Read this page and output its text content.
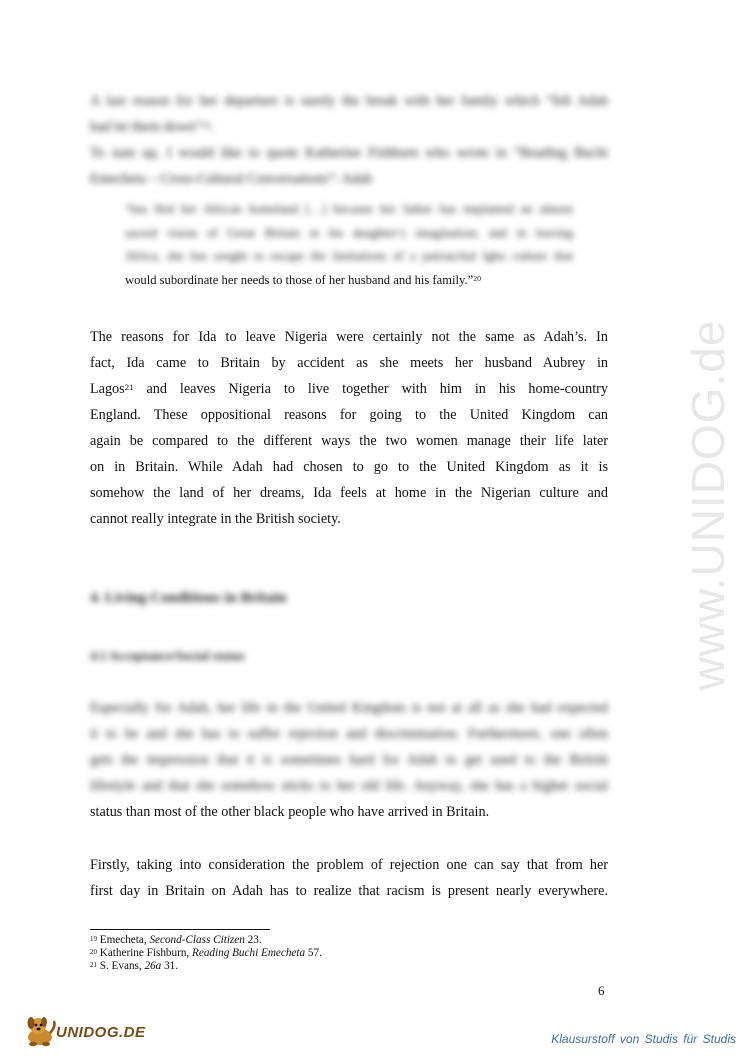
www.UNIDOG.de
A last reason for her departure is surely the break with her family which “felt Adah
had let them down”$^{19}$.
To sum up, I would like to quote Katherine Fishburn who wrote in “Reading Buchi
Emecheta – Cross-Cultural Conversations”: Adah
“has fled her African homeland […] because her father has implanted an almost
sacred vision of Great Britain in his daughter’s imagination; and in leaving
Africa, she has sought to escape the limitations of a patriarchal Igbo culture that
would subordinate her needs to those of her husband and his family.”$^{20}$
The reasons for Ida to leave Nigeria were certainly not the same as Adah’s. In
fact, Ida came to Britain by accident as she meets her husband Aubrey in
Lagos$^{21}$ and leaves Nigeria to live together with him in his home-country
England. These oppositional reasons for going to the United Kingdom can
again be compared to the different ways the two women manage their life later
on in Britain. While Adah had chosen to go to the United Kingdom as it is
somehow the land of her dreams, Ida feels at home in the Nigerian culture and
cannot really integrate in the British society.
4. Living Conditions in Britain
4.1 Acceptance/Social status
Especially for Adah, her life in the United Kingdom is not at all as she had expected
it to be and she has to suffer rejection and discrimination. Furthermore, one often
gets the impression that it is sometimes hard for Adah to get used to the British
lifestyle and that she somehow sticks to her old life. Anyway, she has a higher social
status than most of the other black people who have arrived in Britain.
Firstly, taking into consideration the problem of rejection one can say that from her
first day in Britain on Adah has to realize that racism is present nearly everywhere.
$^{19}$ Emecheta, Second-Class Citizen 23.
$^{20}$ Katherine Fishburn, Reading Buchi Emecheta 57.
$^{21}$ S. Evans, 26a 31.
6
UNIDOG.DE	Klausurstoff von Studis für Studis
